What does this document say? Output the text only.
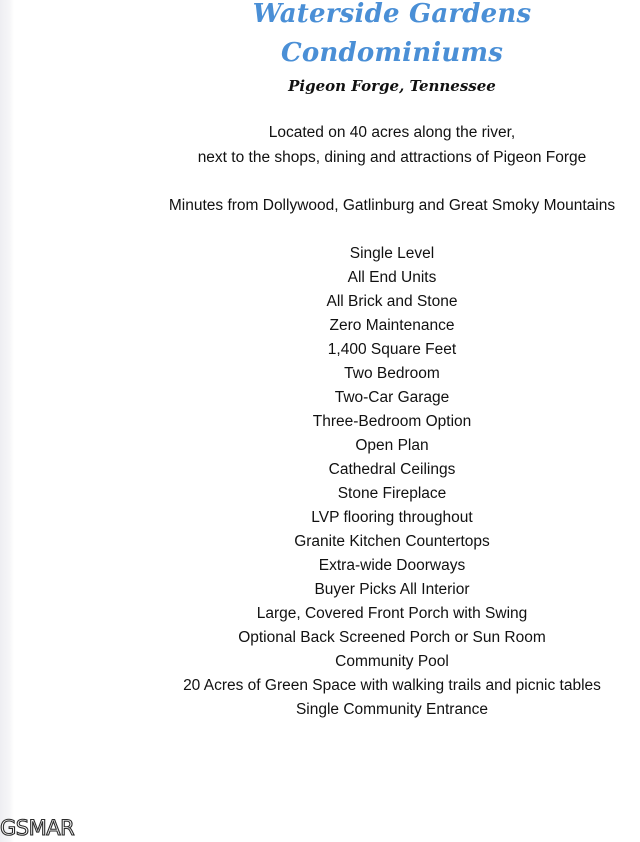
Waterside Gardens
Condominiums

Pigeon Forge, Tennessee

Located on 40 acres along the river,

next to the shops, dining and attractions of Pigeon Forge

Minutes from Dollywood, Gatlinburg and Great Smoky Mountains

Single Level
All End Units
All Brick and Stone
Zero Maintenance
1,400 Square Feet
Two Bedroom
Two-Car Garage
Three-Bedroom Option
Open Plan
Cathedral Ceilings
Stone Fireplace
LVP flooring throughout
Granite Kitchen Countertops
Extra-wide Doorways
Buyer Picks All Interior
Large, Covered Front Porch with Swing
Optional Back Screened Porch or Sun Room
Community Pool
20 Acres of Green Space with walking trails and picnic tables
Single Community Entrance
GSMAR
